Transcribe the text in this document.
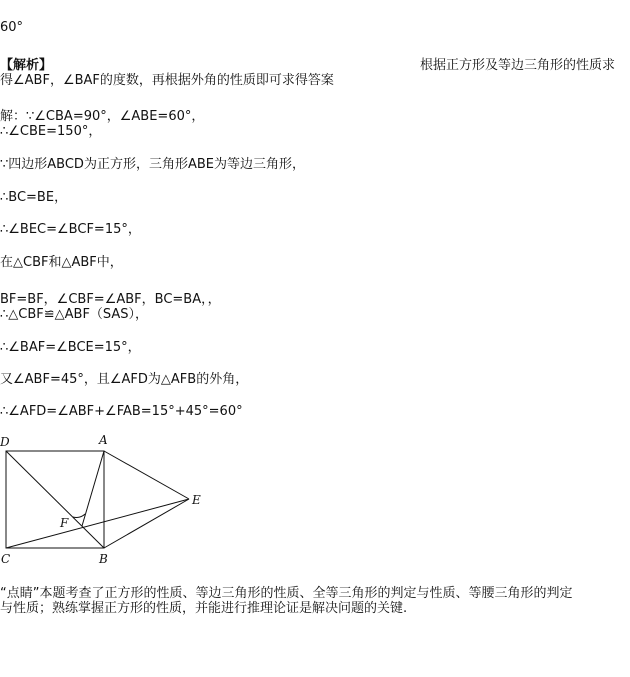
60°
【解析】	根据正方形及等边三角形的性质求
得∠ABF，∠BAF的度数，再根据外角的性质即可求得答案
解：∵∠CBA=90°，∠ABE=60°，
∴∠CBE=150°，
∵四边形ABCD为正方形，三角形ABE为等边三角形，
∴BC=BE，
∴∠BEC=∠BCF=15°，
在△CBF和△ABF中，
BF=BF，∠CBF=∠ABF，BC=BA，，
∴△CBF≌△ABF（SAS），
∴∠BAF=∠BCE=15°，
又∠ABF=45°，且∠AFD为△AFB的外角，
∴∠AFD=∠ABF+∠FAB=15°+45°=60°
D	A
E
F
C	B
“点睛”本题考查了正方形的性质、等边三角形的性质、全等三角形的判定与性质、等腰三角形的判定
与性质；熟练掌握正方形的性质，并能进行推理论证是解决问题的关键.
